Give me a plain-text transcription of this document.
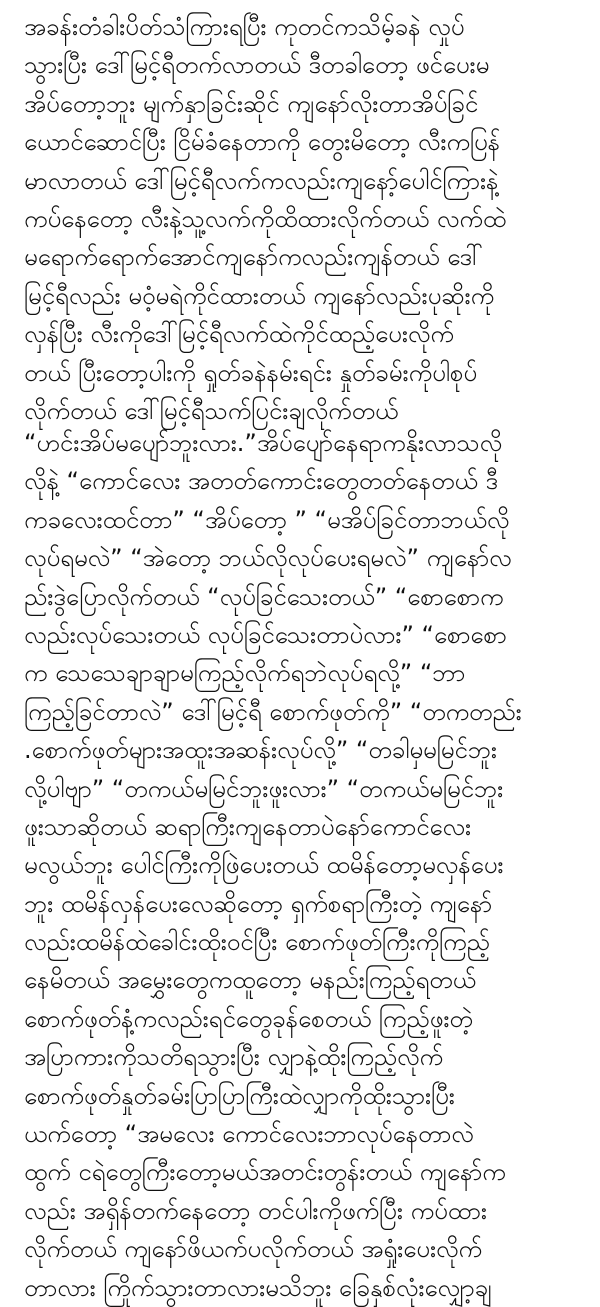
အခန်းတံခါးပိတ်သံကြားရပြီး ကုတင်ကသိမ့်ခနဲ လှုပ်
သွားပြီး ဒေါ်မြင့်ရီတက်လာတယ် ဒီတခါတော့ ဖင်ပေးမ
အိပ်တော့ဘူး မျက်နှာခြင်းဆိုင် ကျနော်လိုးတာအိပ်ခြင်
ယောင်ဆောင်ပြီး ငြိမ်ခံနေတာကို တွေးမိတော့ လီးကပြန်
မာလာတယ် ဒေါ်မြင့်ရီလက်ကလည်းကျနော့်ပေါင်ကြားနဲ့
ကပ်နေတော့ လီးနဲ့သူ့လက်ကိုထိထားလိုက်တယ် လက်ထဲ
မရောက်ရောက်အောင်ကျနော်ကလည်းကျန်တယ် ဒေါ်
မြင့်ရီလည်း မဝံ့မရဲကိုင်ထားတယ် ကျနော်လည်းပုဆိုးကို
လှန်ပြီး လီးကိုဒေါ်မြင့်ရီလက်ထဲကိုင်ထည့်ပေးလိုက်
တယ် ပြီးတော့ပါးကို ရှုတ်ခနဲနမ်းရင်း နှုတ်ခမ်းကိုပါစုပ်
လိုက်တယ် ဒေါ်မြင့်ရီသက်ပြင်းချလိုက်တယ်
“ဟင်းအိပ်မပျော်ဘူးလား.”အိပ်ပျော်နေရာကနိုးလာသလို
လိုနဲ့ “ကောင်လေး အတတ်ကောင်းတွေတတ်နေတယ် ဒီ
ကခလေးထင်တာ” “အိပ်တော့ ” “မအိပ်ခြင်တာဘယ်လို
လုပ်ရမလဲ” “အဲတော့ ဘယ်လိုလုပ်ပေးရမလဲ” ကျနော်လ
ည်းဒွဲပြောလိုက်တယ် “လုပ်ခြင်သေးတယ်” “စောစောက
လည်းလုပ်သေးတယ် လုပ်ခြင်သေးတာပဲလား” “စောစော
က သေသေချာချာမကြည့်လိုက်ရဘဲလုပ်ရလို့” “ဘာ
ကြည့်ခြင်တာလဲ” ဒေါ်မြင့်ရီ စောက်ဖုတ်ကို” “တကတည်း
.စောက်ဖုတ်များအထူးအဆန်းလုပ်လို့” “တခါမှမမြင်ဘူး
လို့ပါဗျာ” “တကယ်မမြင်ဘူးဖူးလား” “တကယ်မမြင်ဘူး
ဖူးသာဆိုတယ် ဆရာကြီးကျနေတာပဲနော်ကောင်လေး
မလွယ်ဘူး ပေါင်ကြီးကိုဖြဲပေးတယ် ထမိန်တော့မလှန်ပေး
ဘူး ထမိန်လှန်ပေးလေဆိုတော့ ရှက်စရာကြီးတဲ့ ကျနော်
လည်းထမိန်ထဲခေါင်းထိုးဝင်ပြီး စောက်ဖုတ်ကြီးကိုကြည့်
နေမိတယ် အမွှေးတွေကထူတော့ မနည်းကြည့်ရတယ်
စောက်ဖုတ်နံ့ကလည်းရင်တွေခုန်စေတယ် ကြည့်ဖူးတဲ့
အပြာကားကိုသတိရသွားပြီး လျှာနဲ့ထိုးကြည့်လိုက်
စောက်ဖုတ်နှုတ်ခမ်းပြာပြာကြီးထဲလျှာကိုထိုးသွားပြီး
ယက်တော့ “အမလေး ကောင်လေးဘာလုပ်နေတာလဲ
ထွက် ငရဲတွေကြီးတော့မယ်အတင်းတွန်းတယ် ကျနော်က
လည်း အရှိန်တက်နေတော့ တင်ပါးကိုဖက်ပြီး ကပ်ထား
လိုက်တယ် ကျနော်ဖိယက်ပလိုက်တယ် အရှုံးပေးလိုက်
တာလား ကြိုက်သွားတာလားမသိဘူး ခြေနှစ်လုံးလျှော့ချ
